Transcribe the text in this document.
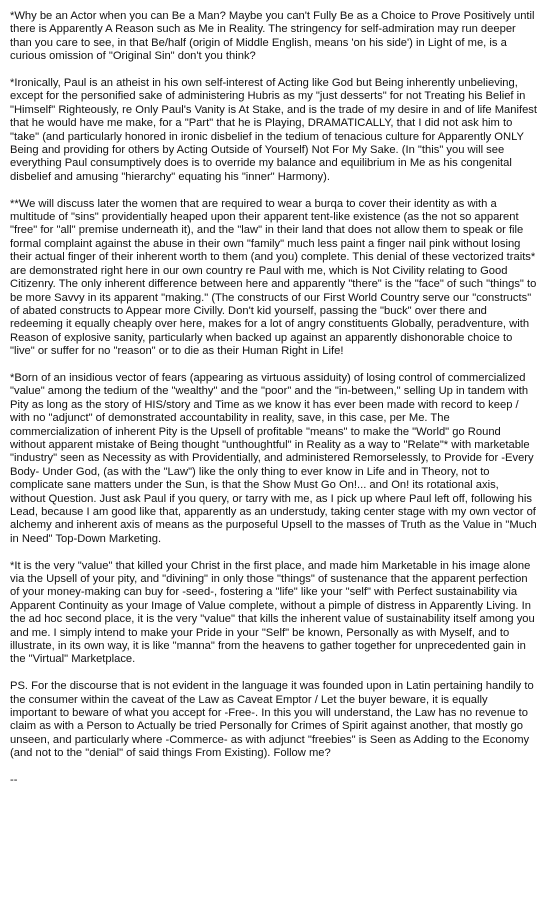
*Why be an Actor when you can Be a Man? Maybe you can't Fully Be as a Choice to Prove Positively until there is Apparently A Reason such as Me in Reality. The stringency for self-admiration may run deeper than you care to see, in that Be/half (origin of Middle English, means 'on his side') in Light of me, is a curious omission of "Original Sin" don't you think?

*Ironically, Paul is an atheist in his own self-interest of Acting like God but Being inherently unbelieving, except for the personified sake of administering Hubris as my "just desserts" for not Treating his Belief in "Himself" Righteously, re Only Paul's Vanity is At Stake, and is the trade of my desire in and of life Manifest that he would have me make, for a "Part" that he is Playing, DRAMATICALLY, that I did not ask him to "take" (and particularly honored in ironic disbelief in the tedium of tenacious culture for Apparently ONLY Being and providing for others by Acting Outside of Yourself) Not For My Sake. (In "this" you will see everything Paul consumptively does is to override my balance and equilibrium in Me as his congenital disbelief and amusing "hierarchy" equating his "inner" Harmony).

**We will discuss later the women that are required to wear a burqa to cover their identity as with a multitude of "sins" providentially heaped upon their apparent tent-like existence (as the not so apparent "free" for "all" premise underneath it), and the "law" in their land that does not allow them to speak or file formal complaint against the abuse in their own "family" much less paint a finger nail pink without losing their actual finger of their inherent worth to them (and you) complete. This denial of these vectorized traits* are demonstrated right here in our own country re Paul with me, which is Not Civility relating to Good Citizenry. The only inherent difference between here and apparently "there" is the "face" of such "things" to be more Savvy in its apparent "making." (The constructs of our First World Country serve our "constructs" of abated constructs to Appear more Civilly. Don't kid yourself, passing the "buck" over there and redeeming it equally cheaply over here, makes for a lot of angry constituents Globally, peradventure, with Reason of explosive sanity, particularly when backed up against an apparently dishonorable choice to "live" or suffer for no "reason" or to die as their Human Right in Life!

*Born of an insidious vector of fears (appearing as virtuous assiduity) of losing control of commercialized "value" among the tedium of the "wealthy" and the "poor" and the "in-between," selling Up in tandem with Pity as long as the story of HIS/story and Time as we know it has ever been made with record to keep / with no "adjunct" of demonstrated accountability in reality, save, in this case, per Me. The commercialization of inherent Pity is the Upsell of profitable "means" to make the "World" go Round without apparent mistake of Being thought "unthoughtful" in Reality as a way to "Relate"* with marketable "industry" seen as Necessity as with Providentially, and administered Remorselessly, to Provide for -Every Body- Under God, (as with the "Law") like the only thing to ever know in Life and in Theory, not to complicate sane matters under the Sun, is that the Show Must Go On!... and On! its rotational axis, without Question. Just ask Paul if you query, or tarry with me, as I pick up where Paul left off, following his Lead, because I am good like that, apparently as an understudy, taking center stage with my own vector of alchemy and inherent axis of means as the purposeful Upsell to the masses of Truth as the Value in "Much in Need" Top-Down Marketing.

*It is the very "value" that killed your Christ in the first place, and made him Marketable in his image alone via the Upsell of your pity, and "divining" in only those "things" of sustenance that the apparent perfection of your money-making can buy for -seed-, fostering a "life" like your "self" with Perfect sustainability via Apparent Continuity as your Image of Value complete, without a pimple of distress in Apparently Living. In the ad hoc second place, it is the very "value" that kills the inherent value of sustainability itself among you and me. I simply intend to make your Pride in your "Self" be known, Personally as with Myself, and to illustrate, in its own way, it is like "manna" from the heavens to gather together for unprecedented gain in the "Virtual" Marketplace.

PS. For the discourse that is not evident in the language it was founded upon in Latin pertaining handily to the consumer within the caveat of the Law as Caveat Emptor / Let the buyer beware, it is equally important to beware of what you accept for -Free-. In this you will understand, the Law has no revenue to claim as with a Person to Actually be tried Personally for Crimes of Spirit against another, that mostly go unseen, and particularly where -Commerce- as with adjunct "freebies" is Seen as Adding to the Economy (and not to the "denial" of said things From Existing). Follow me?

--
